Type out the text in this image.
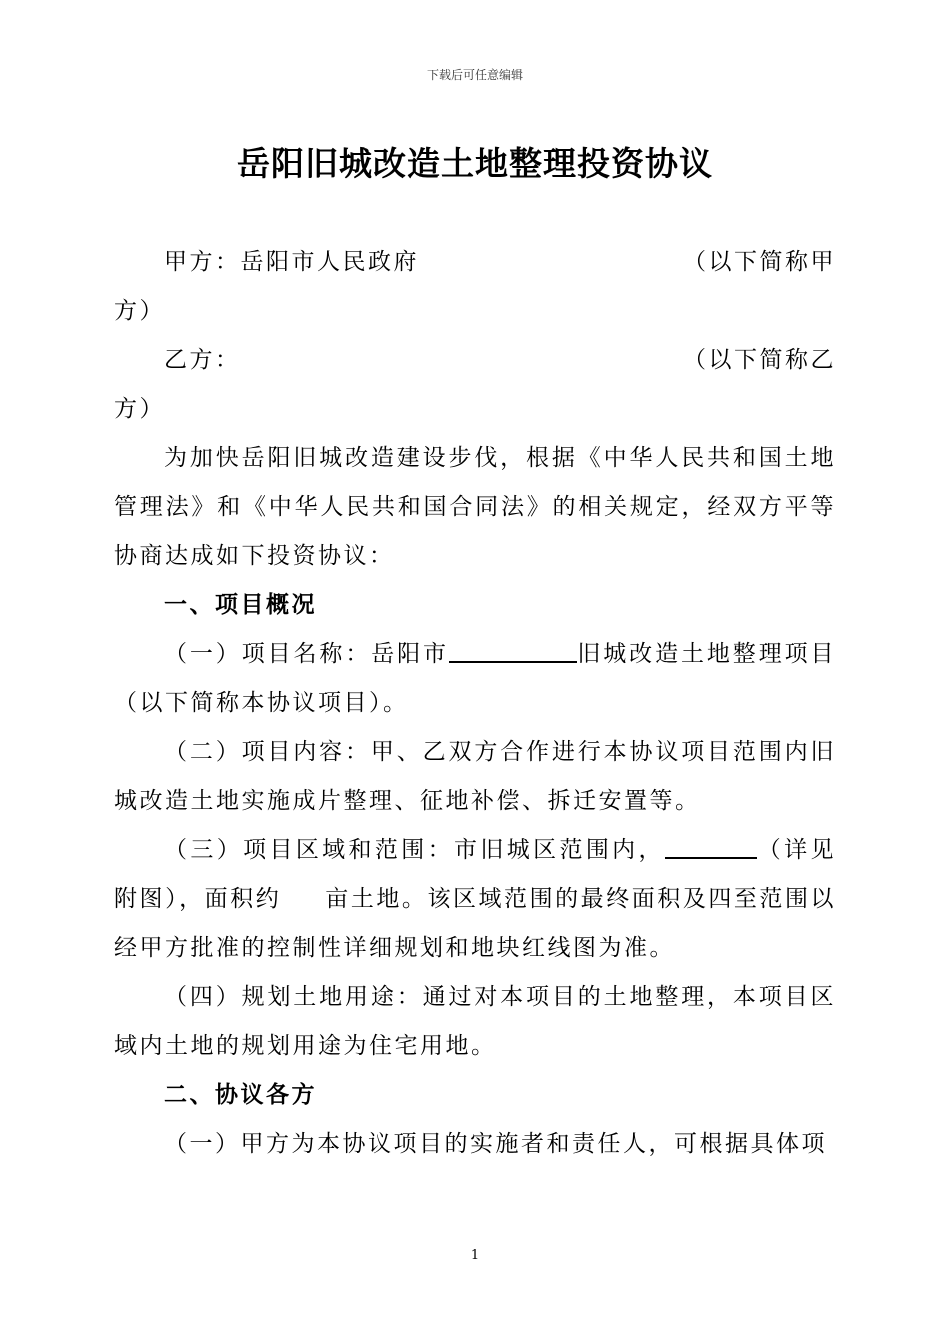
下载后可任意编辑
岳阳旧城改造土地整理投资协议

甲方：岳阳市人民政府	（以下简称甲

方）

乙方：	（以下简称乙

方）

为加快岳阳旧城改造建设步伐，根据《中华人民共和国土地管理法》和《中华人民共和国合同法》的相关规定，经双方平等协商达成如下投资协议：

一、项目概况

（一）项目名称：岳阳市	旧城改造土地整理项目（以下简称本协议项目）。

（二）项目内容：甲、乙双方合作进行本协议项目范围内旧城改造土地实施成片整理、征地补偿、拆迁安置等。

（三）项目区域和范围：市旧城区范围内，	（详见附图），面积约 亩土地。该区域范围的最终面积及四至范围以经甲方批准的控制性详细规划和地块红线图为准。

（四）规划土地用途：通过对本项目的土地整理，本项目区域内土地的规划用途为住宅用地。

二、协议各方

（一）甲方为本协议项目的实施者和责任人，可根据具体项

1
